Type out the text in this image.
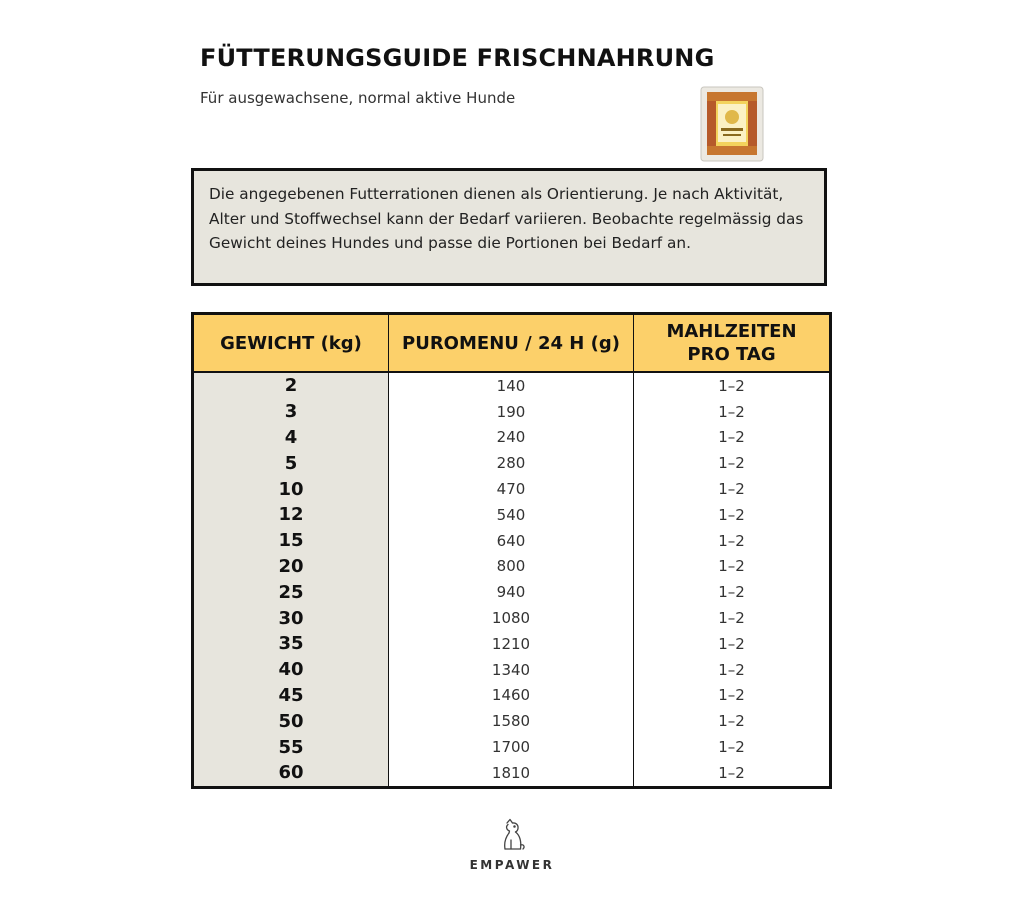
FÜTTERUNGSGUIDE FRISCHNAHRUNG

Für ausgewachsene, normal aktive Hunde

Die angegebenen Futterrationen dienen als Orientierung. Je nach Aktivität, Alter und Stoffwechsel kann der Bedarf variieren. Beobachte regelmässig das Gewicht deines Hundes und passe die Portionen bei Bedarf an.

GEWICHT (kg)	PUROMENU / 24 H (g)	MAHLZEITEN PRO TAG
2	140	1–2
3	190	1–2
4	240	1–2
5	280	1–2
10	470	1–2
12	540	1–2
15	640	1–2
20	800	1–2
25	940	1–2
30	1080	1–2
35	1210	1–2
40	1340	1–2
45	1460	1–2
50	1580	1–2
55	1700	1–2
60	1810	1–2
EMPAWER
